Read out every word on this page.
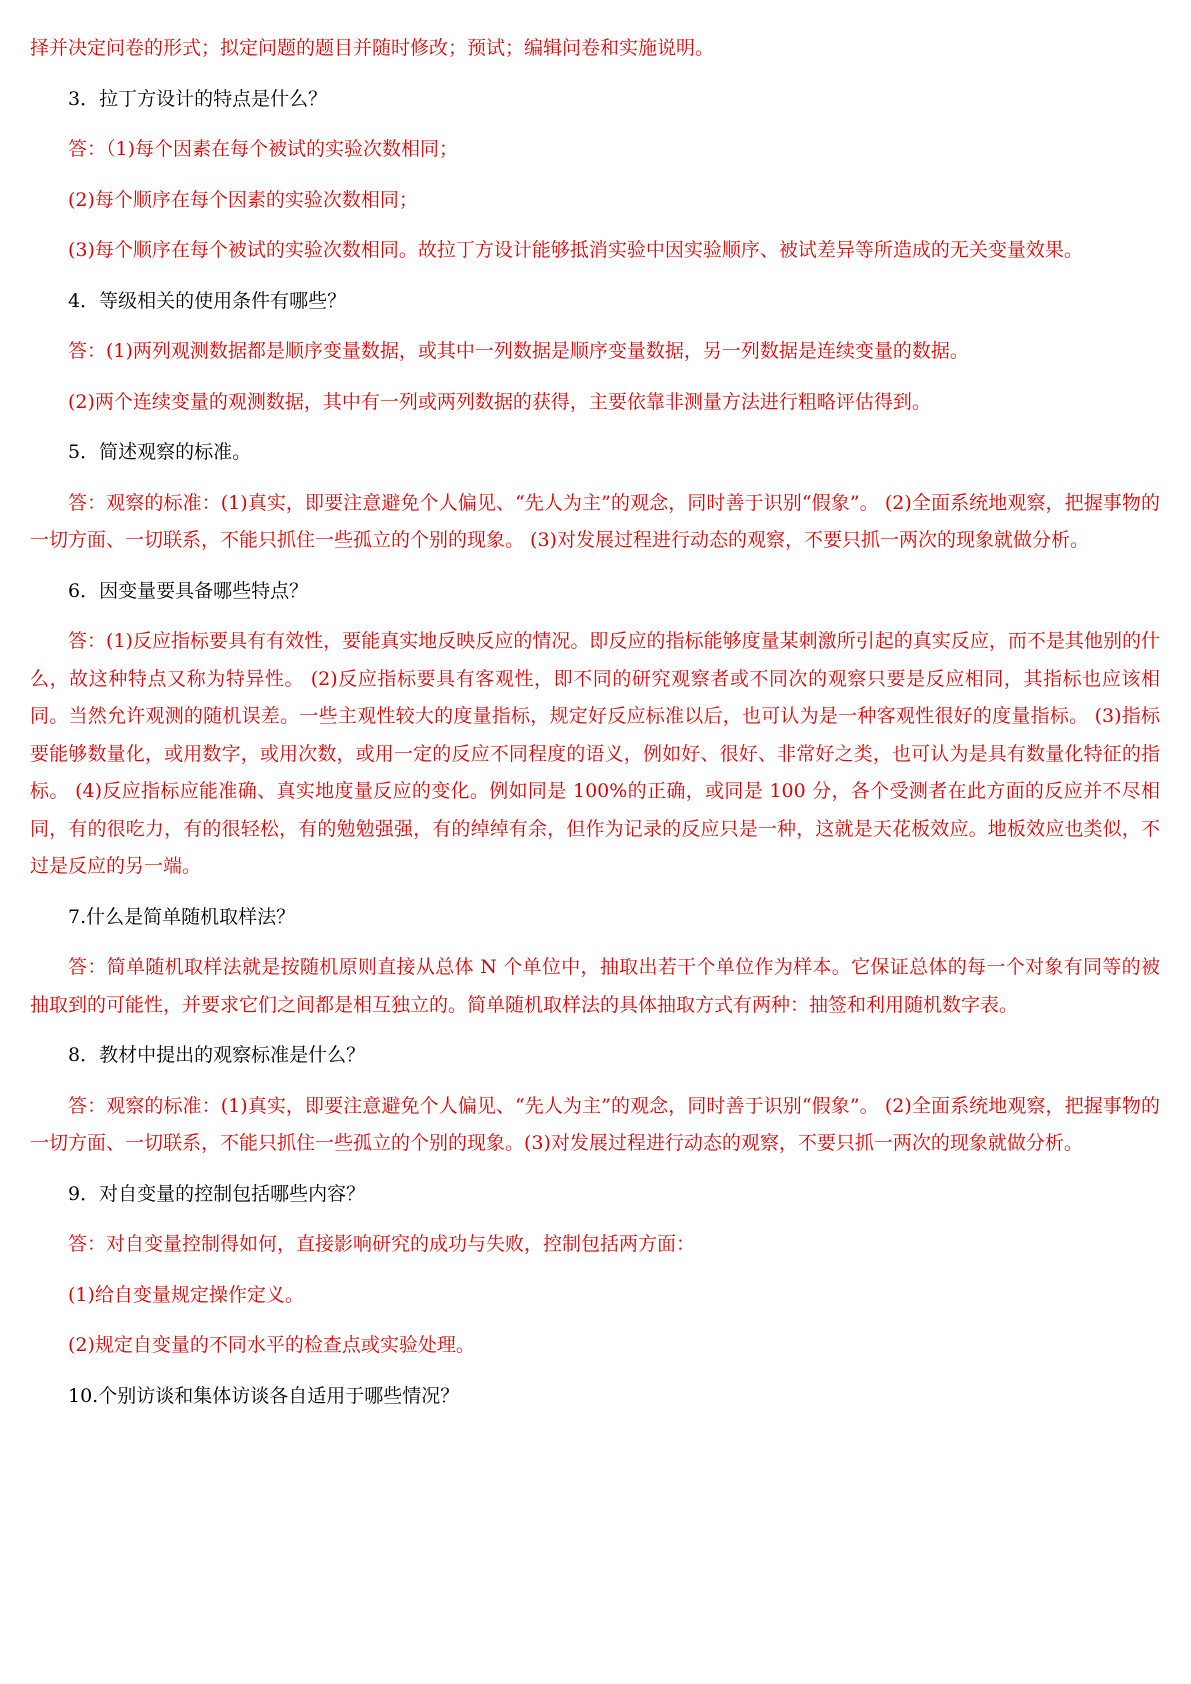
择并决定问卷的形式；拟定问题的题目并随时修改；预试；编辑问卷和实施说明。

3．拉丁方设计的特点是什么？

答：（1)每个因素在每个被试的实验次数相同；

(2)每个顺序在每个因素的实验次数相同；

(3)每个顺序在每个被试的实验次数相同。故拉丁方设计能够抵消实验中因实验顺序、被试差异等所造成的无关变量效果。

4．等级相关的使用条件有哪些？

答：(1)两列观测数据都是顺序变量数据，或其中一列数据是顺序变量数据，另一列数据是连续变量的数据。

(2)两个连续变量的观测数据，其中有一列或两列数据的获得，主要依靠非测量方法进行粗略评估得到。

5．简述观察的标准。

答：观察的标准：(1)真实，即要注意避免个人偏见、“先人为主”的观念，同时善于识别“假象”。 (2)全面系统地观察，把握事物的一切方面、一切联系，不能只抓住一些孤立的个别的现象。 (3)对发展过程进行动态的观察，不要只抓一两次的现象就做分析。

6．因变量要具备哪些特点？

答：(1)反应指标要具有有效性，要能真实地反映反应的情况。即反应的指标能够度量某刺激所引起的真实反应，而不是其他别的什么，故这种特点又称为特异性。 (2)反应指标要具有客观性，即不同的研究观察者或不同次的观察只要是反应相同，其指标也应该相同。当然允许观测的随机误差。一些主观性较大的度量指标，规定好反应标准以后，也可认为是一种客观性很好的度量指标。 (3)指标要能够数量化，或用数字，或用次数，或用一定的反应不同程度的语义，例如好、很好、非常好之类，也可认为是具有数量化特征的指标。 (4)反应指标应能准确、真实地度量反应的变化。例如同是 100%的正确，或同是 100 分，各个受测者在此方面的反应并不尽相同，有的很吃力，有的很轻松，有的勉勉强强，有的绰绰有余，但作为记录的反应只是一种，这就是天花板效应。地板效应也类似，不过是反应的另一端。

7.什么是简单随机取样法？

答：简单随机取样法就是按随机原则直接从总体 N 个单位中，抽取出若干个单位作为样本。它保证总体的每一个对象有同等的被抽取到的可能性，并要求它们之间都是相互独立的。简单随机取样法的具体抽取方式有两种：抽签和利用随机数字表。

8．教材中提出的观察标准是什么？

答：观察的标准：(1)真实，即要注意避免个人偏见、“先人为主”的观念，同时善于识别“假象”。 (2)全面系统地观察，把握事物的一切方面、一切联系，不能只抓住一些孤立的个别的现象。(3)对发展过程进行动态的观察，不要只抓一两次的现象就做分析。

9．对自变量的控制包括哪些内容？

答：对自变量控制得如何，直接影响研究的成功与失败，控制包括两方面：

(1)给自变量规定操作定义。

(2)规定自变量的不同水平的检查点或实验处理。

10.个别访谈和集体访谈各自适用于哪些情况？
